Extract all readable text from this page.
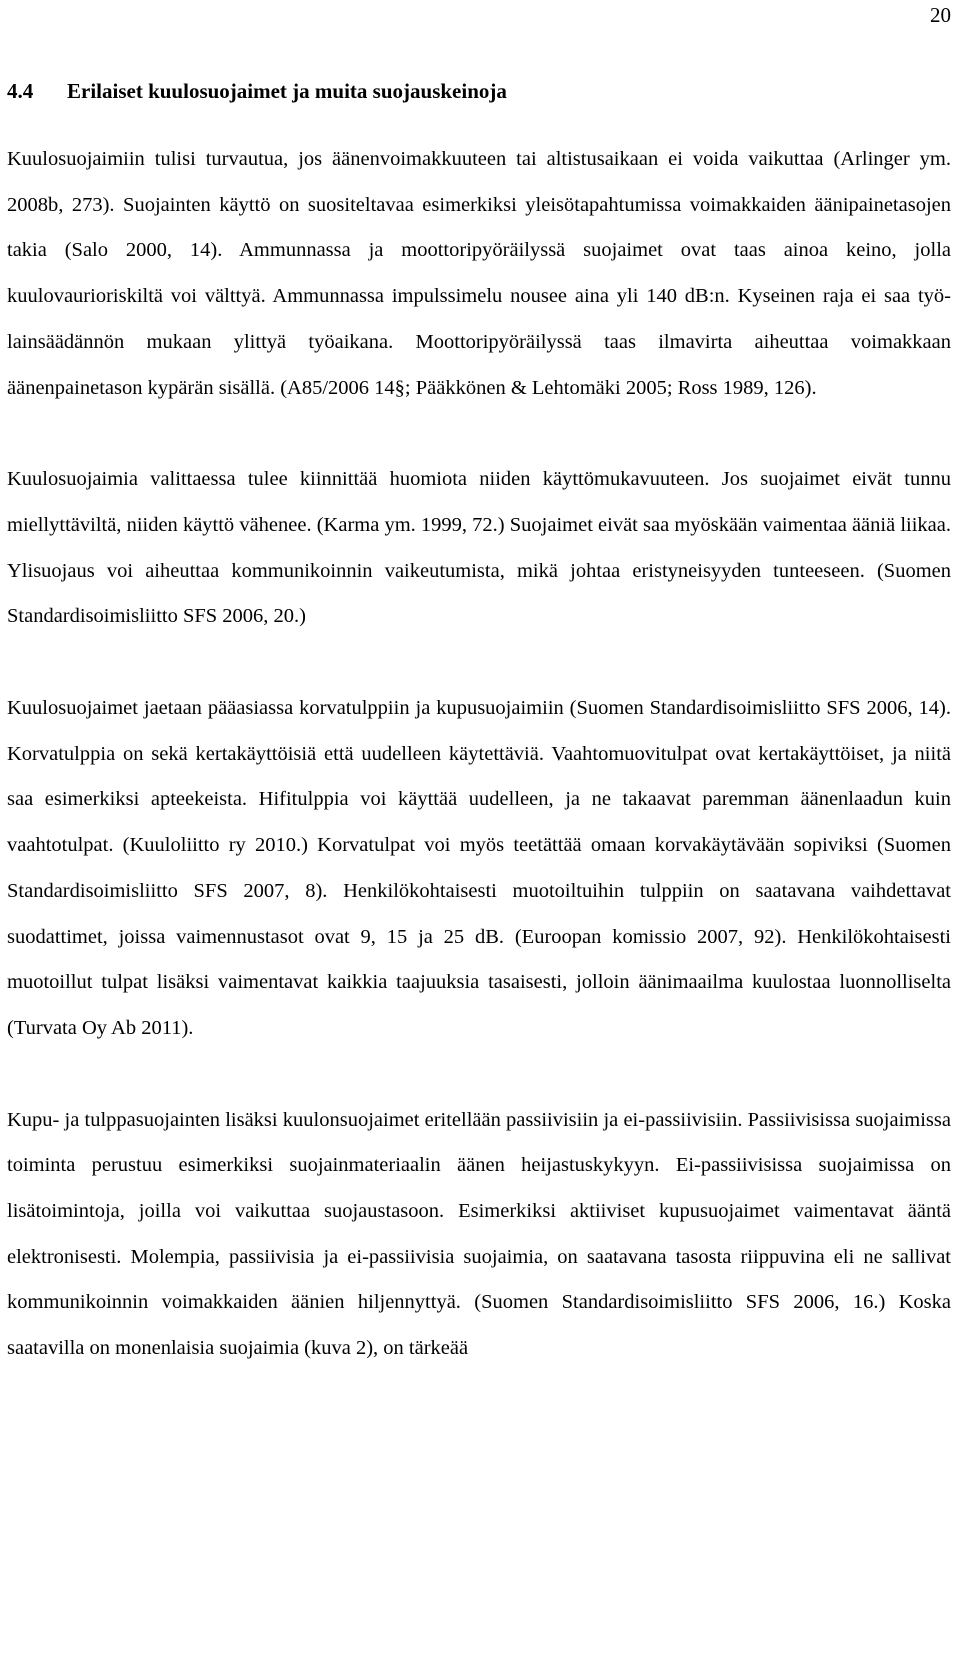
20
4.4 Erilaiset kuulosuojaimet ja muita suojauskeinoja

Kuulosuojaimiin tulisi turvautua, jos äänenvoimakkuuteen tai altistusaikaan ei voida vaikuttaa (Arlinger ym. 2008b, 273). Suojainten käyttö on suositeltavaa esimerkiksi yleisötapahtumissa voimakkaiden äänipainetasojen takia (Salo 2000, 14). Ammunnassa ja moottoripyöräilyssä suojaimet ovat taas ainoa keino, jolla kuulovaurioriskiltä voi välttyä. Ammunnassa impulssimelu nousee aina yli 140 dB:n. Kyseinen raja ei saa työlainsäädännön mukaan ylittyä työaikana. Moottoripyöräilyssä taas ilmavirta aiheuttaa voimakkaan äänenpainetason kypärän sisällä. (A85/2006 14§; Pääkkönen & Lehtomäki 2005; Ross 1989, 126).

Kuulosuojaimia valittaessa tulee kiinnittää huomiota niiden käyttömukavuuteen. Jos suojaimet eivät tunnu miellyttäviltä, niiden käyttö vähenee. (Karma ym. 1999, 72.) Suojaimet eivät saa myöskään vaimentaa ääniä liikaa. Ylisuojaus voi aiheuttaa kommunikoinnin vaikeutumista, mikä johtaa eristyneisyyden tunteeseen. (Suomen Standardisoimisliitto SFS 2006, 20.)

Kuulosuojaimet jaetaan pääasiassa korvatulppiin ja kupusuojaimiin (Suomen Standardisoimisliitto SFS 2006, 14). Korvatulppia on sekä kertakäyttöisiä että uudelleen käytettäviä. Vaahtomuovitulpat ovat kertakäyttöiset, ja niitä saa esimerkiksi apteekeista. Hifitulppia voi käyttää uudelleen, ja ne takaavat paremman äänenlaadun kuin vaahtotulpat. (Kuuloliitto ry 2010.) Korvatulpat voi myös teetättää omaan korvakäytävään sopiviksi (Suomen Standardisoimisliitto SFS 2007, 8). Henkilökohtaisesti muotoiltuihin tulppiin on saatavana vaihdettavat suodattimet, joissa vaimennustasot ovat 9, 15 ja 25 dB. (Euroopan komissio 2007, 92). Henkilökohtaisesti muotoillut tulpat lisäksi vaimentavat kaikkia taajuuksia tasaisesti, jolloin äänimaailma kuulostaa luonnolliselta (Turvata Oy Ab 2011).

Kupu- ja tulppasuojainten lisäksi kuulonsuojaimet eritellään passiivisiin ja ei-passiivisiin. Passiivisissa suojaimissa toiminta perustuu esimerkiksi suojainmateriaalin äänen heijastuskykyyn. Ei-passiivisissa suojaimissa on lisätoimintoja, joilla voi vaikuttaa suojaustasoon. Esimerkiksi aktiiviset kupusuojaimet vaimentavat ääntä elektronisesti. Molempia, passiivisia ja ei-passiivisia suojaimia, on saatavana tasosta riippuvina eli ne sallivat kommunikoinnin voimakkaiden äänien hiljennyttyä. (Suomen Standardisoimisliitto SFS 2006, 16.) Koska saatavilla on monenlaisia suojaimia (kuva 2), on tärkeää
